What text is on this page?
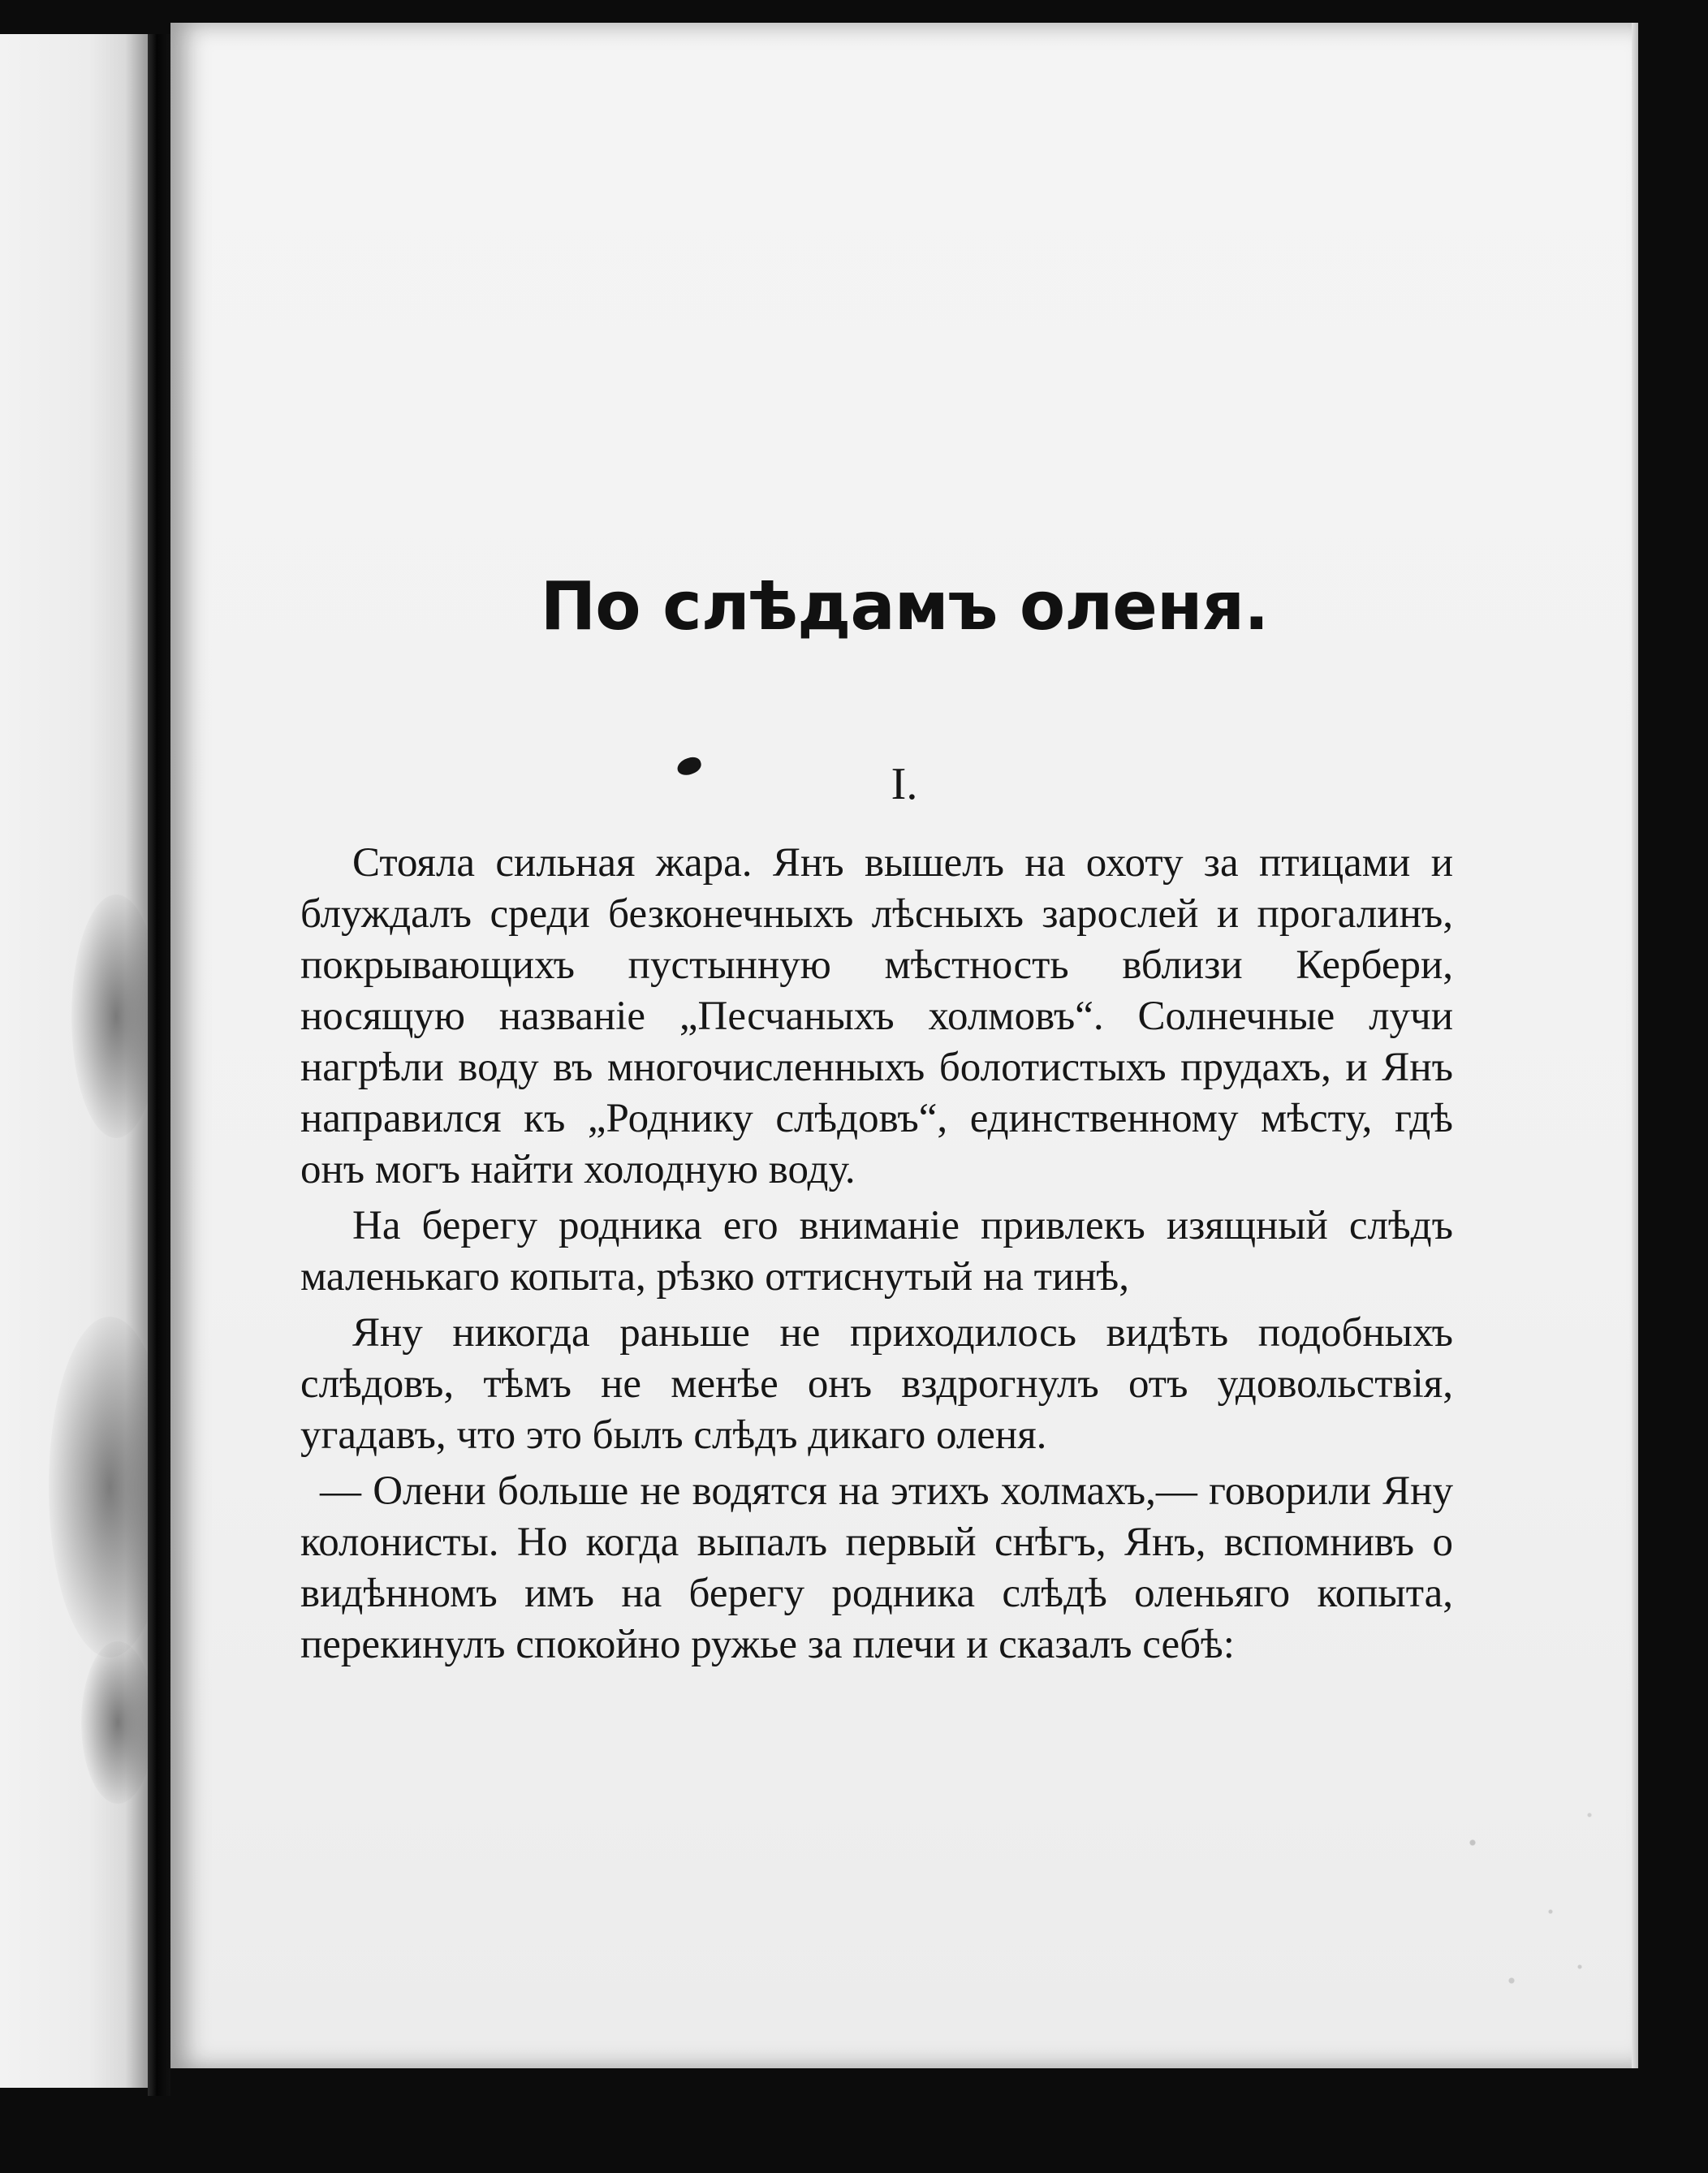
По слѣдамъ оленя.
I.

Стояла сильная жара. Янъ вышелъ на охоту за птицами и блуждалъ среди безконечныхъ лѣсныхъ зарослей и прогалинъ, покрывающихъ пустынную мѣстность вблизи Кербери, носящую названіе „Песчаныхъ холмовъ“. Солнечные лучи нагрѣли воду въ многочисленныхъ болотистыхъ прудахъ, и Янъ направился къ „Роднику слѣдовъ“, единственному мѣсту, гдѣ онъ могъ найти холодную воду.

На берегу родника его вниманіе привлекъ изящный слѣдъ маленькаго копыта, рѣзко оттиснутый на тинѣ,

Яну никогда раньше не приходилось видѣть подобныхъ слѣдовъ, тѣмъ не менѣе онъ вздрогнулъ отъ удовольствія, угадавъ, что это былъ слѣдъ дикаго оленя.

— Олени больше не водятся на этихъ холмахъ,— говорили Яну колонисты. Но когда выпалъ первый снѣгъ, Янъ, вспомнивъ о видѣнномъ имъ на берегу родника слѣдѣ оленьяго копыта, перекинулъ спокойно ружье за плечи и сказалъ себѣ:
